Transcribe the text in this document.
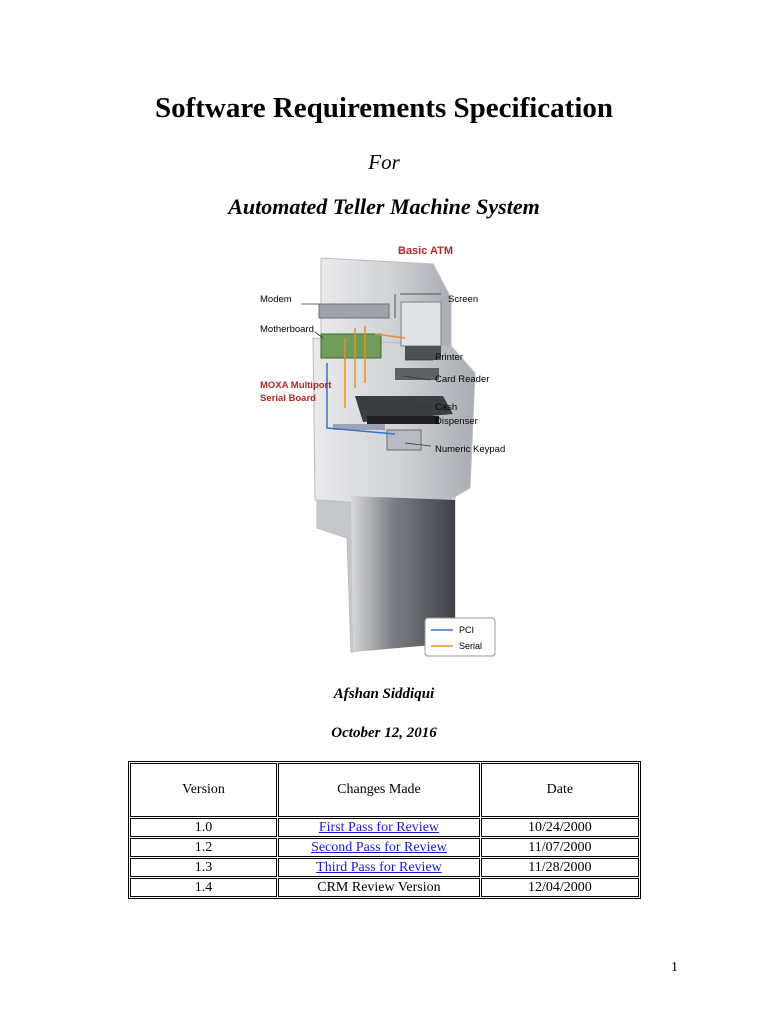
Software Requirements Specification
For
Automated Teller Machine System
Basic ATM
Modem
Motherboard
MOXA Multiport
Serial Board
Screen
Printer
Card Reader
Cash
Dispenser
Numeric Keypad
PCI
Serial
Afshan Siddiqui
October 12, 2016
Version	Changes Made	Date
1.0	First Pass for Review	10/24/2000
1.2	Second Pass for Review	11/07/2000
1.3	Third Pass for Review	11/28/2000
1.4	CRM Review Version	12/04/2000
1
